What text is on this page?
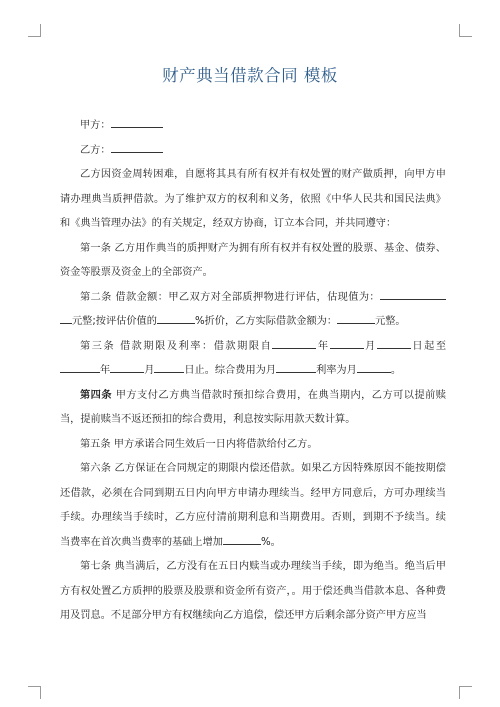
财产典当借款合同 模板

甲方：

乙方：

乙方因资金周转困难，自愿将其具有所有权并有权处置的财产做质押，向甲方申请办理典当质押借款。为了维护双方的权利和义务，依照《中华人民共和国民法典》和《典当管理办法》的有关规定，经双方协商，订立本合同，并共同遵守：

第一条 乙方用作典当的质押财产为拥有所有权并有权处置的股票、基金、债券、资金等股票及资金上的全部资产。

第二条 借款金额：甲乙双方对全部质押物进行评估，估现值为： 元整;按评估价值的	%折价，乙方实际借款金额为：	元整。

第三条 借款期限及利率：借款期限自	年	月	日起至年	月	日止。综合费用为月	利率为月	。

第四条 甲方支付乙方典当借款时预扣综合费用，在典当期内，乙方可以提前赎当，提前赎当不返还预扣的综合费用，利息按实际用款天数计算。

第五条 甲方承诺合同生效后一日内将借款给付乙方。

第六条 乙方保证在合同规定的期限内偿还借款。如果乙方因特殊原因不能按期偿还借款，必须在合同到期五日内向甲方申请办理续当。经甲方同意后，方可办理续当手续。办理续当手续时，乙方应付清前期利息和当期费用。否则，到期不予续当。续当费率在首次典当费率的基础上增加	%。

第七条 典当满后，乙方没有在五日内赎当或办理续当手续，即为绝当。绝当后甲方有权处置乙方质押的股票及股票和资金所有资产，。用于偿还典当借款本息、各种费用及罚息。不足部分甲方有权继续向乙方追偿，偿还甲方后剩余部分资产甲方应当
